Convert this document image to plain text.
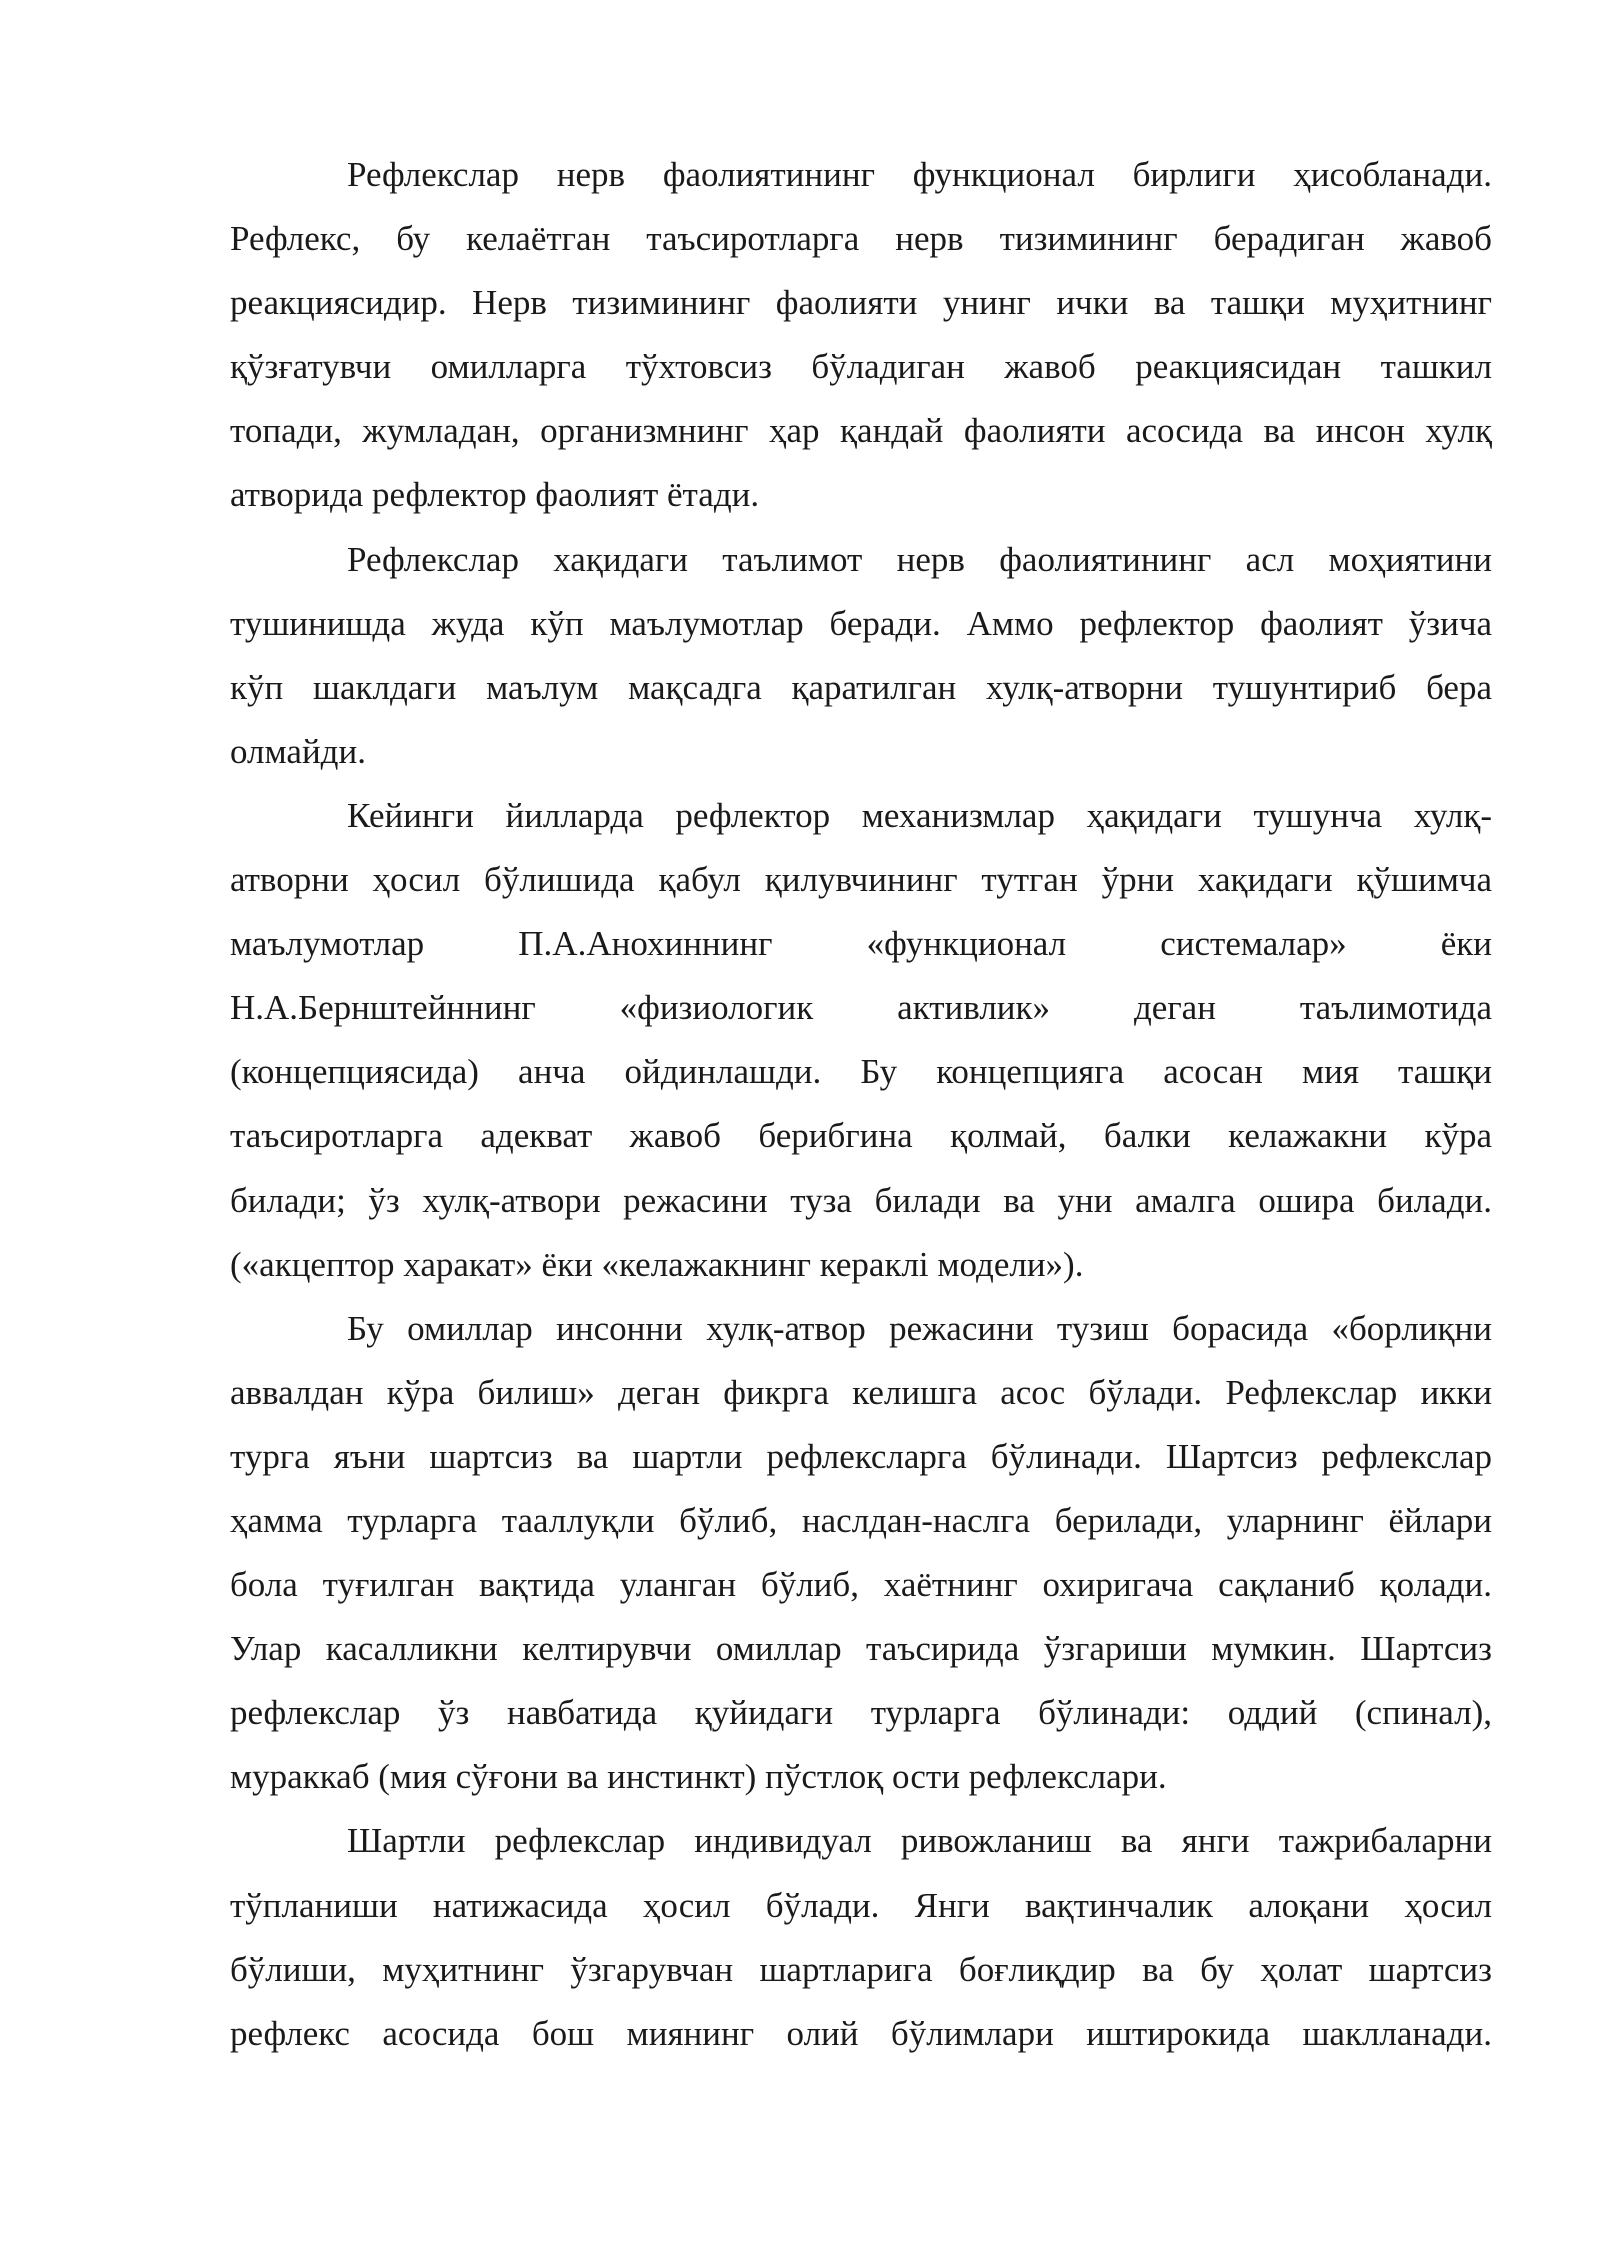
Рефлекслар нерв фаолиятининг функционал бирлиги ҳисобланади.
Рефлекс, бу келаётган таъсиротларга нерв тизимининг берадиган жавоб
реакциясидир. Нерв тизимининг фаолияти унинг ички ва ташқи муҳитнинг
қўзғатувчи омилларга тўхтовсиз бўладиган жавоб реакциясидан ташкил
топади, жумладан, организмнинг ҳар қандай фаолияти асосида ва инсон хулқ
атворида рефлектор фаолият ётади.
Рефлекслар хақидаги таълимот нерв фаолиятининг асл моҳиятини
тушинишда жуда кўп маълумотлар беради. Аммо рефлектор фаолият ўзича
кўп шаклдаги маълум мақсадга қаратилган хулқ-атворни тушунтириб бера
олмайди.
Кейинги йилларда рефлектор механизмлар ҳақидаги тушунча хулқ-
атворни ҳосил бўлишида қабул қилувчининг тутган ўрни хақидаги қўшимча
маълумотлар П.А.Анохиннинг «функционал системалар» ёки
Н.А.Бернштейннинг «физиологик активлик» деган таълимотида
(концепциясида) анча ойдинлашди. Бу концепцияга асосан мия ташқи
таъсиротларга адекват жавоб берибгина қолмай, балки келажакни кўра
билади; ўз хулқ-атвори режасини туза билади ва уни амалга ошира билади.
(«акцептор харакат» ёки «келажакнинг кераклi модели»).
Бу омиллар инсонни хулқ-атвор режасини тузиш борасида «борлиқни
аввалдан кўра билиш» деган фикрга келишга асос бўлади. Рефлекслар икки
турга яъни шартсиз ва шартли рефлексларга бўлинади. Шартсиз рефлекслар
ҳамма турларга тааллуқли бўлиб, наслдан-наслга берилади, уларнинг ёйлари
бола туғилган вақтида уланган бўлиб, хаётнинг охиригача сақланиб қолади.
Улар касалликни келтирувчи омиллар таъсирида ўзгариши мумкин. Шартсиз
рефлекслар ўз навбатида қуйидаги турларга бўлинади: оддий (спинал),
мураккаб (мия сўғони ва инстинкт) пўстлоқ ости рефлекслари.
Шартли рефлекслар индивидуал ривожланиш ва янги тажрибаларни
тўпланиши натижасида ҳосил бўлади. Янги вақтинчалик алоқани ҳосил
бўлиши, муҳитнинг ўзгарувчан шартларига боғлиқдир ва бу ҳолат шартсиз
рефлекс асосида бош миянинг олий бўлимлари иштирокида шаклланади.
